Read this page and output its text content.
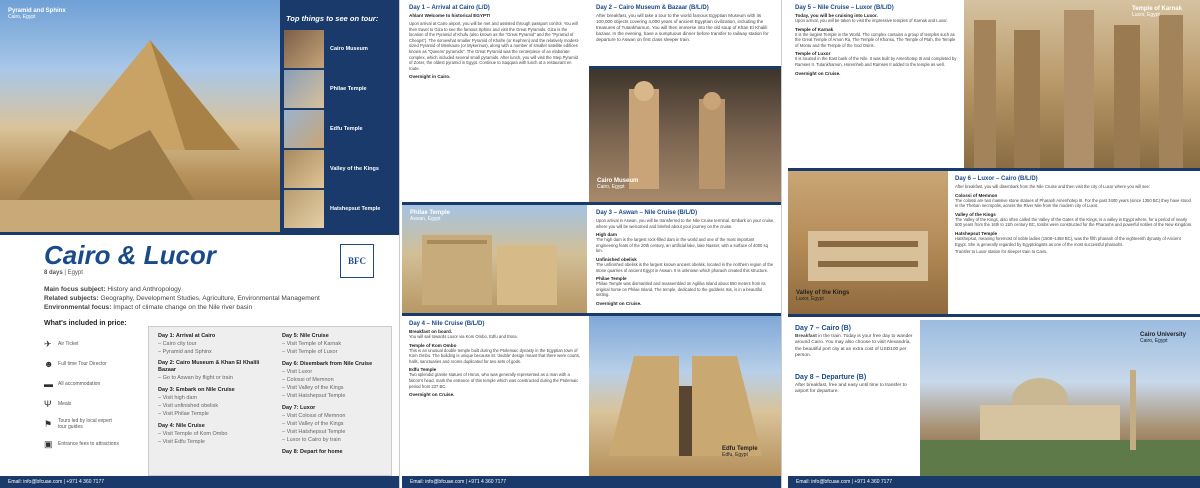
Pyramid and Sphinx
Cairo, Egypt	Top things to see on tour:
Cairo Museum
Philae Temple
Edfu Temple
Valley of the Kings
Hatshepsut Temple
Cairo & Lucor
8 days | Egypt
BFC
Main focus subject: History and Anthropology
Related subjects: Geography, Development Studies, Agriculture, Environmental Management
Environmental focus: Impact of climate change on the Nile river basin
What's included in price:
✈	Air Ticket
☻ Full time Tour Director
▬	All accommodation
Ψ	Meals
⚑	Tours led by local expert tour guides
▣	Entrance fees to attractions
Day 1: Arrival at Cairo
– Cairo city tour
– Pyramid and Sphinx
Day 2: Cairo Museum & Khan El Khalili Bazaar
– Go to Aswan by flight or train
Day 3: Embark on Nile Cruise
– Visit high dam
– Visit unfinished obelisk
– Visit Philae Temple
Day 4: Nile Cruise
– Visit Temple of Kom Ombo
– Visit Edfu Temple
Day 5: Nile Cruise
– Visit Temple of Karnak
– Visit Temple of Luxor
Day 6: Disembark from Nile Cruise
– Visit Luxor
– Colossi of Memnon
– Visit Valley of the Kings
– Visit Hatshepsut Temple
Day 7: Luxor
– Visit Colossi of Memnon
– Visit Valley of the Kings
– Visit Hatshepsut Temple
– Luxor to Cairo by train
Day 8: Depart for home
Email: info@bfcuae.com | +971 4 360 7177
Day 1 – Arrival at Cairo (L/D)
Ahlan! Welcome to historical EGYPT!
Upon arrival at Cairo airport, you will be met and assisted through passport control. You will then travel to Giza to see the famous Sphinx and visit the Great Pyramids. Giza is the location of the Pyramid of Khufu (also known as the "Great Pyramid" and the "Pyramid of Cheops"). The somewhat smaller Pyramid of Khafre (or Kephren) and the relatively modest-sized Pyramid of Menkaure (or Mykerinus), along with a number of smaller satellite edifices known as "Queens' pyramids". The Great Pyramid was the centerpiece of an elaborate complex, which included several small pyramids. After lunch, you will visit the Step Pyramid of Zoser, the oldest pyramid in Egypt. Continue to Saqqara with lunch at a restaurant en route.
Overnight in Cairo.
Day 2 – Cairo Museum & Bazaar (B/L/D)
After breakfast, you will take a tour to the world famous Egyptian Museum with its 100,000 objects covering 4,000 years of ancient Egyptian civilization, including the treasures of Tutankhamun. You will then immerse into the old soup of Khan El Khalili bazaar. In the evening, have a sumptuous dinner before transfer to railway station for departure to Aswan on first class sleeper train.
Cairo Museum
Cairo, Egypt
Philae Temple
Aswan, Egypt
Day 3 – Aswan – Nile Cruise (B/L/D)
Upon arrival in Aswan, you will be transferred to the Nile Cruise terminal. Embark on your cruise, where you will be welcomed and briefed about your journey on the cruise.
High dam
The high dam is the largest rock-filled dam in the world and one of the most important engineering feats of the 20th century, an artificial lake, lake Nasser, with a surface of 4000 sq km.
Unfinished obelisk
The unfinished obelisk is the largest known ancient obelisk, located in the northern region of the stone quarries of ancient Egypt in Aswan. It is unknown which pharaoh created this structure.
Philae Temple
Philae Temple was dismantled and reassembled on Agilika Island about 550 meters from its original home on Philae Island. The temple, dedicated to the goddess Isis, is in a beautiful setting.
Overnight on Cruise.
Day 4 – Nile Cruise (B/L/D)
Breakfast on board.
You will sail towards Luxor via Kom Ombo, Edfu and Esna.
Temple of Kom Ombo
This is an unusual double temple built during the Ptolemaic dynasty in the Egyptian town of Kom Ombo. The building is unique because its 'double' design meant that there were courts, halls, sanctuaries and rooms duplicated for two sets of gods.
Edfu Temple
Two splendid granite statues of Horus, who was generally represented as a man with a falcon's head, mark the entrance of this temple which was constructed during the Ptolemaic period from 237 BC.
Overnight on Cruise.
Edfu Temple
Edfu, Egypt
Email: info@bfcuae.com | +971 4 360 7177
Day 5 – Nile Cruise – Luxor (B/L/D)
Today, you will be cruising into Luxor.
Upon arrival, you will be taken to visit the impressive temples of Karnak and Luxor.
Temple of Karnak
It is the largest Temple in the World. The complex contains a group of temples such as the Great Temple of Amon Ra, The Temple of Khonsu, The Temple of Ptah, the Temple of Montu and the Temple of the God Osiris.
Temple of Luxor
It is located in the East bank of the Nile. It was built by Amenhotep III and completed by Ramses II. Tutankhamun, Horemheb and Ramses II added to the temple as well.
Overnight on Cruise.
Temple of Karnak
Luxor, Egypt
Valley of the Kings
Luxor, Egypt
Day 6 – Luxor – Cairo (B/L/D)
After breakfast, you will disembark from the Nile Cruise and then visit the city of Luxor where you will see:
Colossi of Memnon
The colossi are two massive stone statues of Pharaoh Amenhotep III. For the past 3400 years (since 1350 BC) they have stood in the Theban necropolis, across the River Nile from the modern city of Luxor.
Valley of the Kings
The Valley of the Kings, also often called the Valley of the Gates of the Kings, is a valley in Egypt where, for a period of nearly 500 years from the 16th to 11th century BC, tombs were constructed for the Pharaohs and powerful nobles of the New Kingdom.
Hatshepsut Temple
Hatshepsut, meaning foremost of noble ladies (1508–1458 BC), was the fifth pharaoh of the eighteenth dynasty of Ancient Egypt. She is generally regarded by Egyptologists as one of the most successful pharaohs.
Transfer to Luxor station for sleeper train to Cairo.
Day 7 – Cairo (B)
Breakfast in the train. Today is your free day to wander around Cairo. You may also choose to visit Alexandria, the beautiful port city at an extra cost of USD100 per person.
Day 8 – Departure (B)
After breakfast, free and easy until time to transfer to airport for departure.
Cairo University
Cairo, Egypt
Email: info@bfcuae.com | +971 4 360 7177
